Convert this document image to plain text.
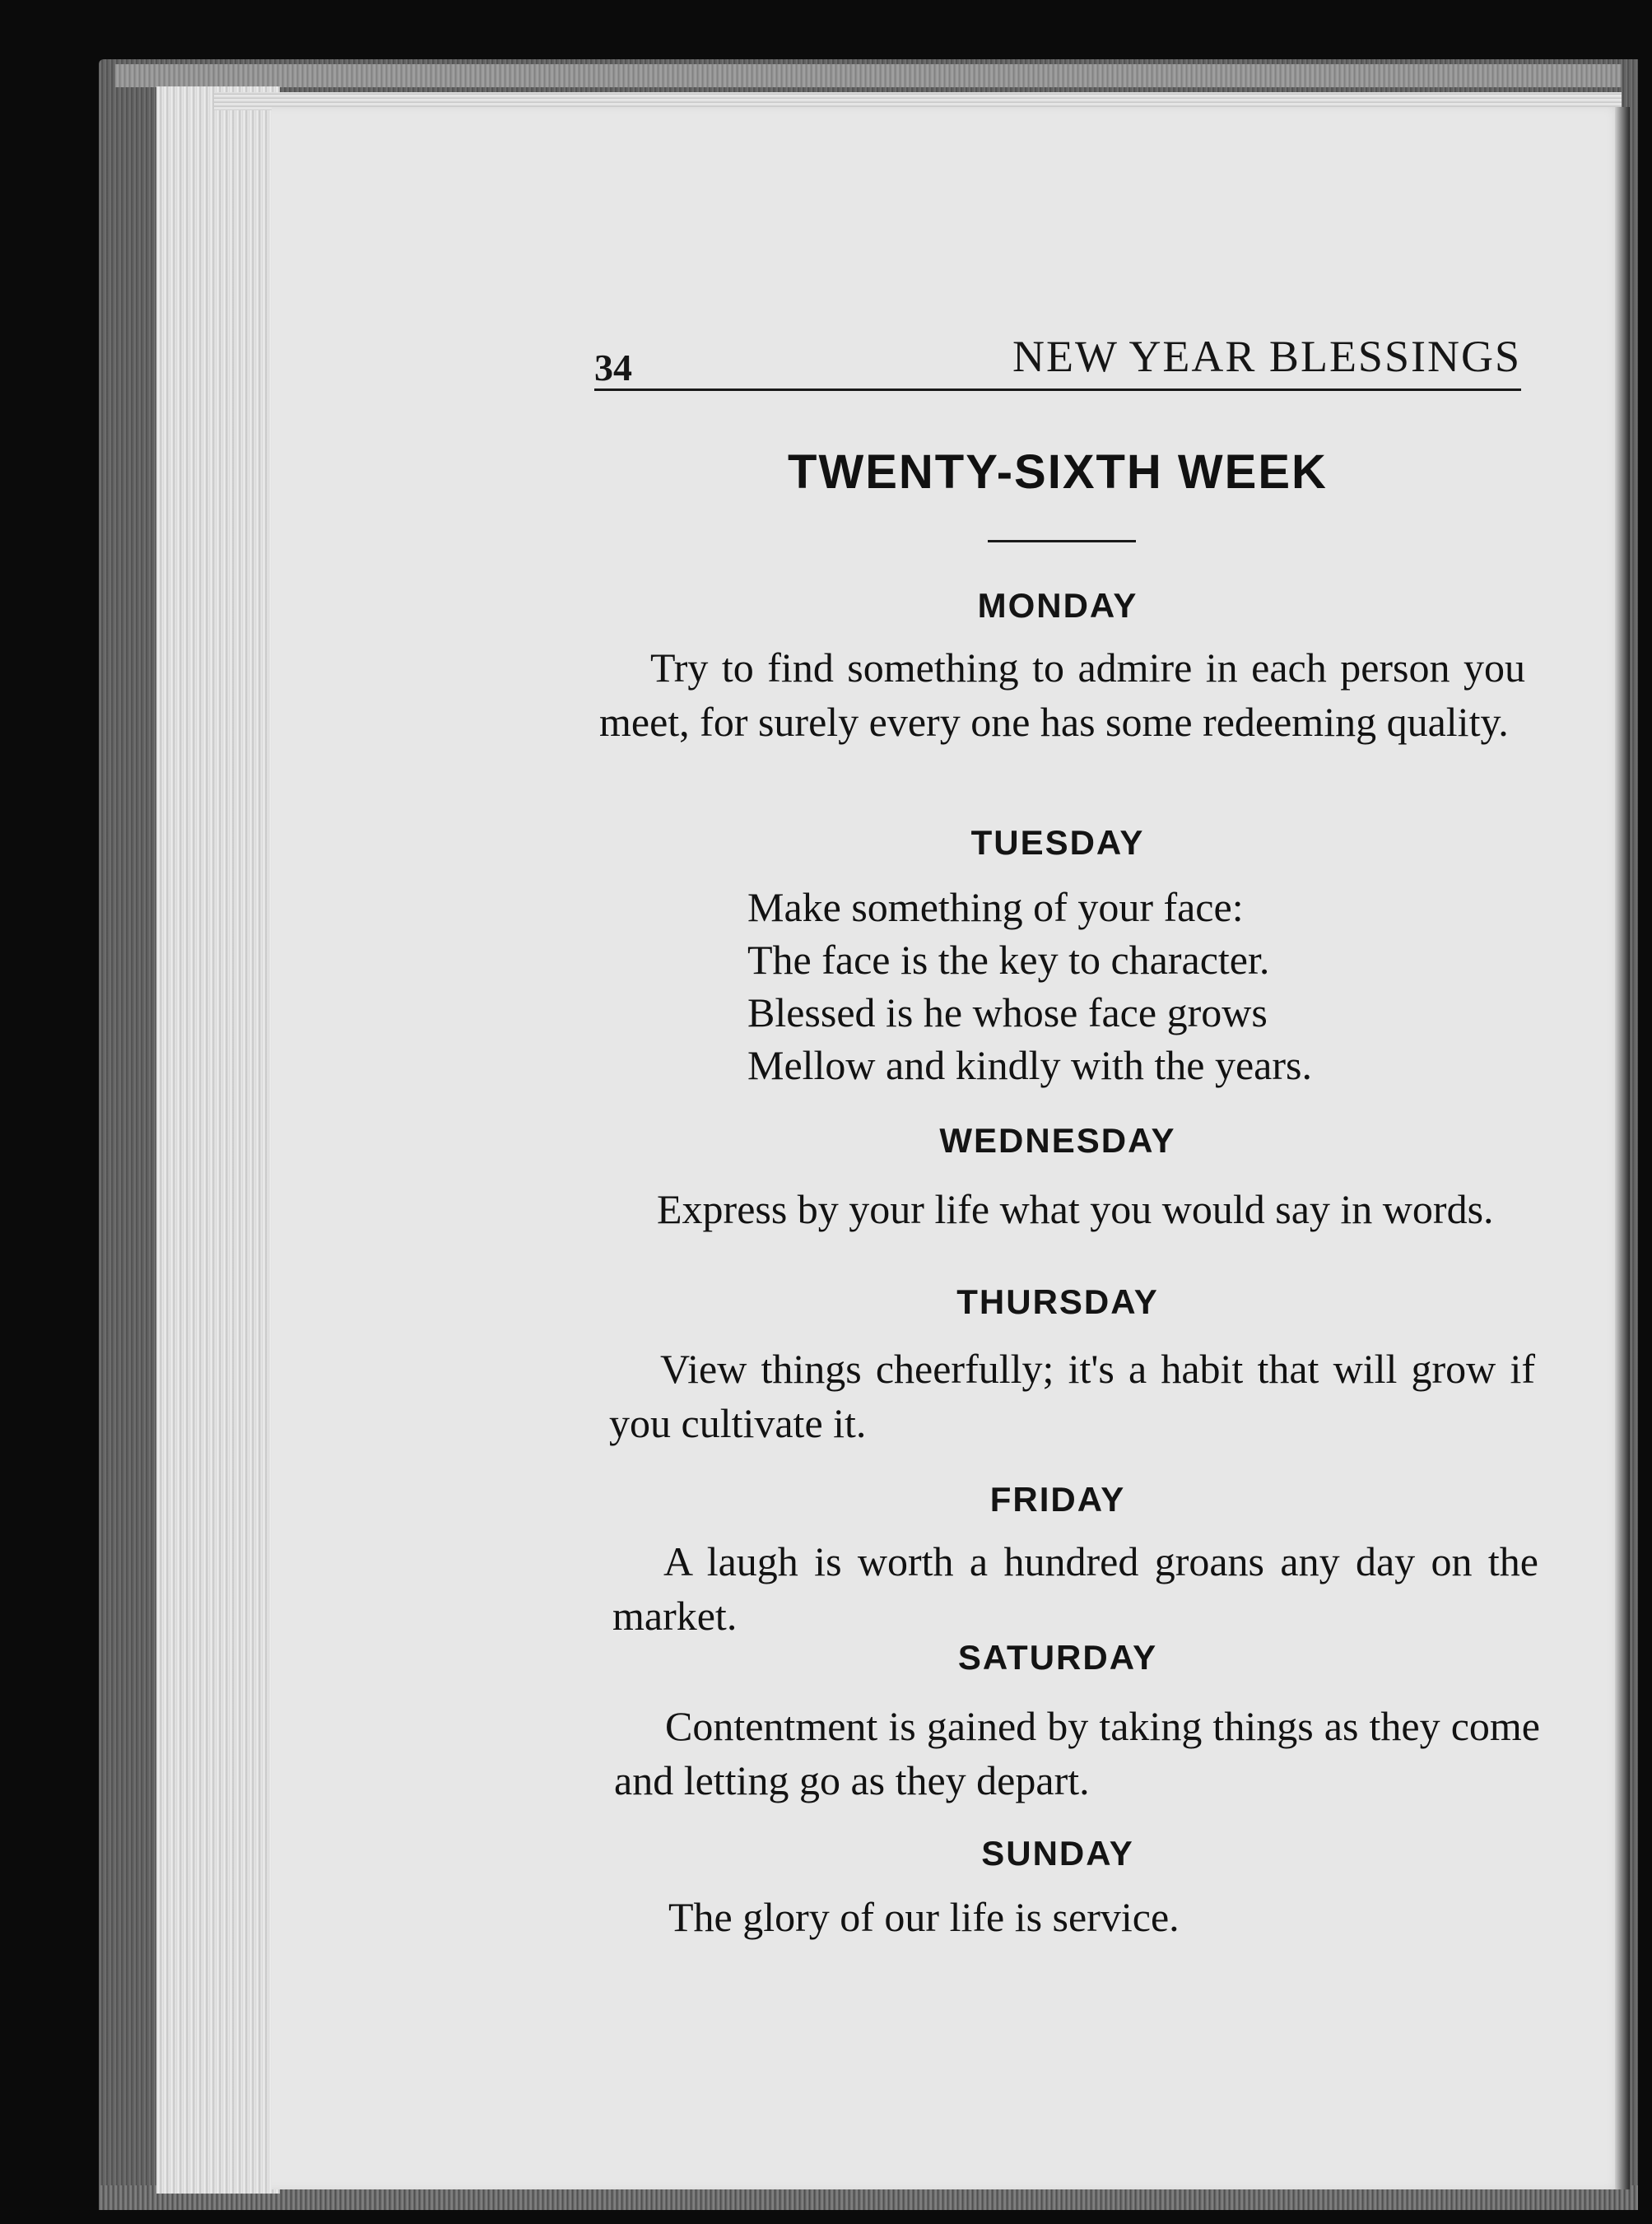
34	NEW YEAR BLESSINGS
TWENTY-SIXTH WEEK
MONDAY
Try to find something to admire in each person you meet, for surely every one has some redeeming quality.
TUESDAY
Make something of your face:
The face is the key to character.
Blessed is he whose face grows
Mellow and kindly with the years.
WEDNESDAY
Express by your life what you would say in words.
THURSDAY
View things cheerfully; it's a habit that will grow if you cultivate it.
FRIDAY
A laugh is worth a hundred groans any day on the market.
SATURDAY
Contentment is gained by taking things as they come and letting go as they depart.
SUNDAY
The glory of our life is service.
